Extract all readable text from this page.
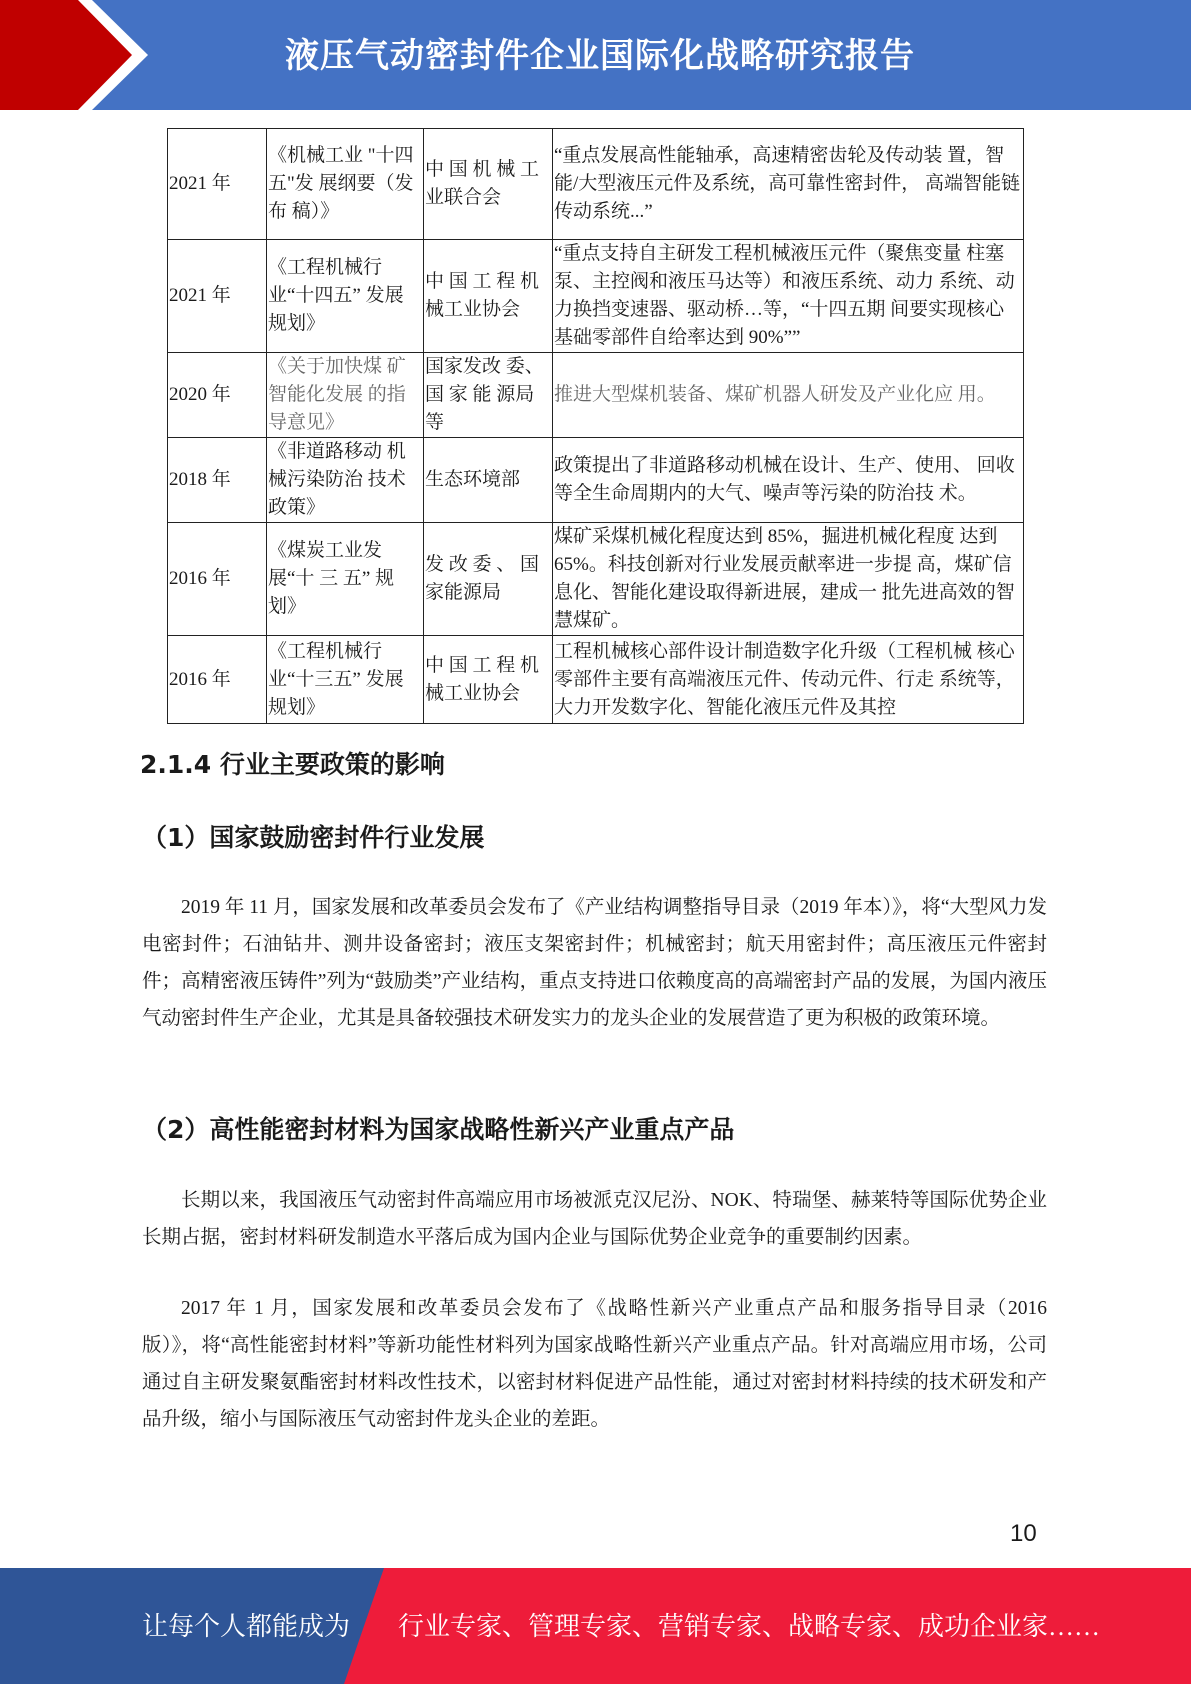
液压气动密封件企业国际化战略研究报告
2021 年	《机械工业 "十四五"发 展纲要（发布 稿）》	中 国 机 械 工业联合会	“重点发展高性能轴承，高速精密齿轮及传动装 置，智能/大型液压元件及系统，高可靠性密封件， 高端智能链传动系统...”
2021 年	《工程机械行 业“十四五” 发展规划》	中 国 工 程 机械工业协会	“重点支持自主研发工程机械液压元件（聚焦变量 柱塞泵、主控阀和液压马达等）和液压系统、动力 系统、动力换挡变速器、驱动桥…等，“十四五期 间要实现核心基础零部件自给率达到 90%””
2020 年	《关于加快煤 矿智能化发展 的指导意见》	国家发改 委、国 家 能 源局等	推进大型煤机装备、煤矿机器人研发及产业化应 用。
2018 年	《非道路移动 机械污染防治 技术政策》	生态环境部	政策提出了非道路移动机械在设计、生产、使用、 回收等全生命周期内的大气、噪声等污染的防治技 术。
2016 年	《煤炭工业发 展“十 三 五” 规划》	发 改 委 、 国家能源局	煤矿采煤机械化程度达到 85%，掘进机械化程度 达到 65%。科技创新对行业发展贡献率进一步提 高，煤矿信息化、智能化建设取得新进展，建成一 批先进高效的智慧煤矿。
2016 年	《工程机械行 业“十三五” 发展规划》	中 国 工 程 机械工业协会	工程机械核心部件设计制造数字化升级（工程机械 核心零部件主要有高端液压元件、传动元件、行走 系统等，大力开发数字化、智能化液压元件及其控
2.1.4 行业主要政策的影响
（1）国家鼓励密封件行业发展

2019 年 11 月，国家发展和改革委员会发布了《产业结构调整指导目录（2019 年本）》，将“大型风力发电密封件；石油钻井、测井设备密封；液压支架密封件；机械密封；航天用密封件；高压液压元件密封件；高精密液压铸件”列为“鼓励类”产业结构，重点支持进口依赖度高的高端密封产品的发展，为国内液压气动密封件生产企业，尤其是具备较强技术研发实力的龙头企业的发展营造了更为积极的政策环境。

（2）高性能密封材料为国家战略性新兴产业重点产品

长期以来，我国液压气动密封件高端应用市场被派克汉尼汾、NOK、特瑞堡、赫莱特等国际优势企业长期占据，密封材料研发制造水平落后成为国内企业与国际优势企业竞争的重要制约因素。

2017 年 1 月，国家发展和改革委员会发布了《战略性新兴产业重点产品和服务指导目录（2016 版）》，将“高性能密封材料”等新功能性材料列为国家战略性新兴产业重点产品。针对高端应用市场，公司通过自主研发聚氨酯密封材料改性技术，以密封材料促进产品性能，通过对密封材料持续的技术研发和产品升级，缩小与国际液压气动密封件龙头企业的差距。

10
让每个人都能成为 行业专家、管理专家、营销专家、战略专家、成功企业家……
